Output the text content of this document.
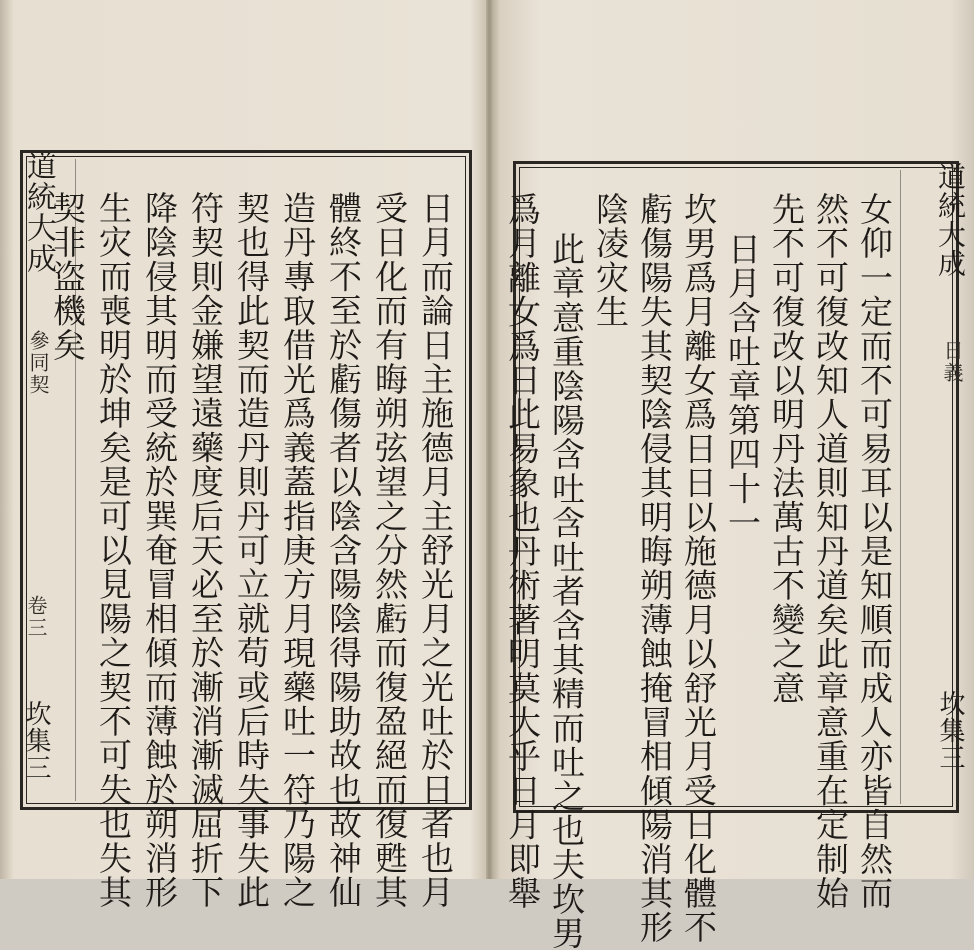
道統大成
參同契
卷三
坎集三	日月而論日主施德月主舒光月之光吐於日者也月
受日化而有晦朔弦望之分然虧而復盈絕而復甦其
體終不至於虧傷者以陰含陽陰得陽助故也故神仙
造丹專取借光爲義蓋指庚方月現藥吐一符乃陽之
契也得此契而造丹則丹可立就苟或后時失事失此
符契則金嫌望遠藥度后天必至於漸消漸滅屈折下
降陰侵其明而受統於巽奄冒相傾而薄蝕於朔消形
生灾而喪明於坤矣是可以見陽之契不可失也失其
契非盗機矣	女仰一定而不可易耳以是知順而成人亦皆自然而
然不可復改知人道則知丹道矣此章意重在定制始
先不可復改以明丹法萬古不變之意
日月含吐章第四十一
坎男爲月離女爲日日以施德月以舒光月受日化體不
虧傷陽失其契陰侵其明晦朔薄蝕掩冒相傾陽消其形
陰凌灾生
此章意重陰陽含吐含吐者含其精而吐之也夫坎男
爲月離女爲日此易象也丹術著明莫大乎日月即舉	道統大成
日義
坎集三
